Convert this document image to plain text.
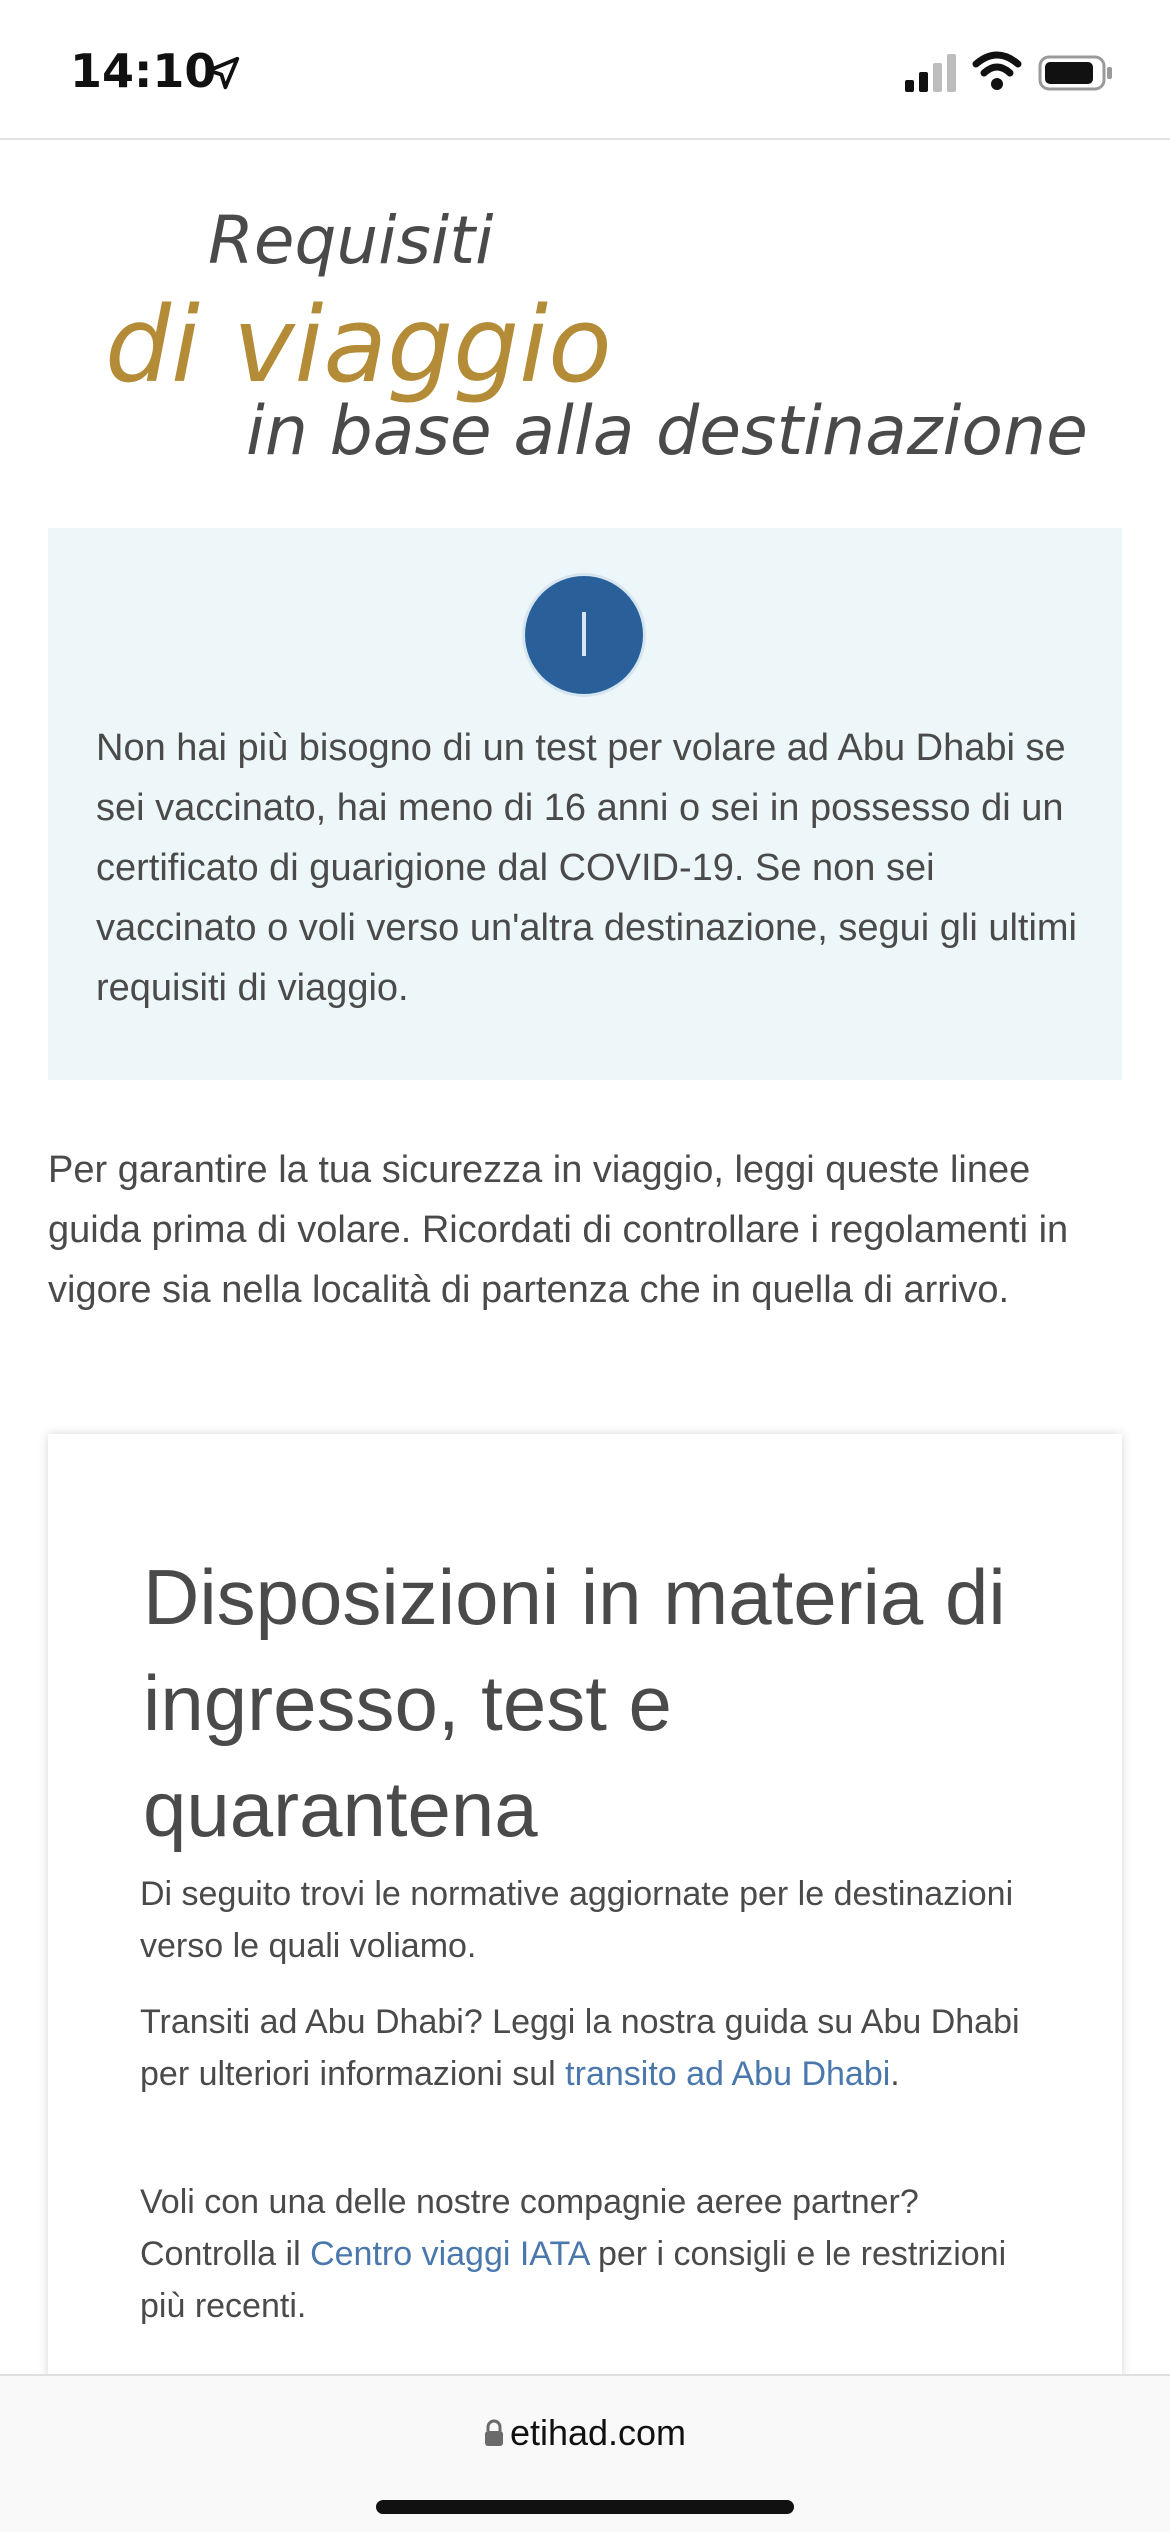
14:10
Requisiti
di viaggio
in base alla destinazione
Non hai più bisogno di un test per volare ad Abu Dhabi se sei vaccinato, hai meno di 16 anni o sei in possesso di un certificato di guarigione dal COVID-19. Se non sei vaccinato o voli verso un'altra destinazione, segui gli ultimi requisiti di viaggio.
Per garantire la tua sicurezza in viaggio, leggi queste linee guida prima di volare. Ricordati di controllare i regolamenti in vigore sia nella località di partenza che in quella di arrivo.
Disposizioni in materia di ingresso, test e quarantena
Di seguito trovi le normative aggiornate per le destinazioni verso le quali voliamo.
Transiti ad Abu Dhabi? Leggi la nostra guida su Abu Dhabi per ulteriori informazioni sul transito ad Abu Dhabi.
Voli con una delle nostre compagnie aeree partner? Controlla il Centro viaggi IATA per i consigli e le restrizioni più recenti.
etihad.com
